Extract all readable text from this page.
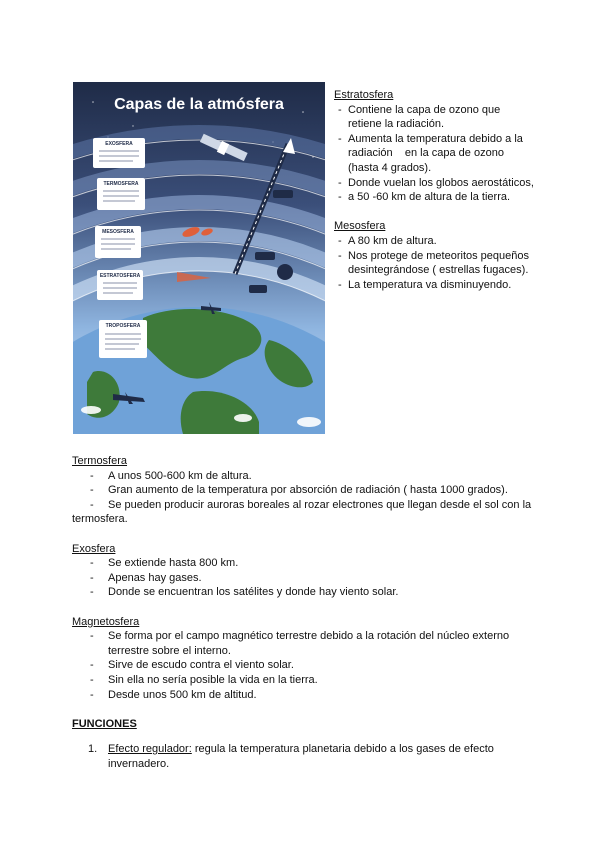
Capas de la atmósfera
EXOSFERA
TERMOSFERA
MESOSFERA
ESTRATOSFERA
TROPOSFERA

Estratosfera

- Contiene la capa de ozono que retiene la radiación.

- Aumenta la temperatura debido a la radiación    en la capa de ozono (hasta 4 grados).

- Donde vuelan los globos aerostáticos,

- a 50 -60 km de altura de la tierra.

Mesosfera

- A 80 km de altura.

- Nos protege de meteoritos pequeños desintegrándose ( estrellas fugaces).

- La temperatura va disminuyendo.

Termosfera

- A unos 500-600 km de altura.

- Gran aumento de la temperatura por absorción de radiación ( hasta 1000 grados).

- Se pueden producir auroras boreales al rozar electrones que llegan desde el sol con la termosfera.

Exosfera

- Se extiende hasta 800 km.

- Apenas hay gases.

- Donde se encuentran los satélites y donde hay viento solar.

Magnetosfera

- Se forma por el campo magnético terrestre debido a la rotación del núcleo externo terrestre sobre el interno.

- Sirve de escudo contra el viento solar.

- Sin ella no sería posible la vida en la tierra.

- Desde unos 500 km de altitud.

FUNCIONES

1. Efecto regulador: regula la temperatura planetaria debido a los gases de efecto invernadero.
